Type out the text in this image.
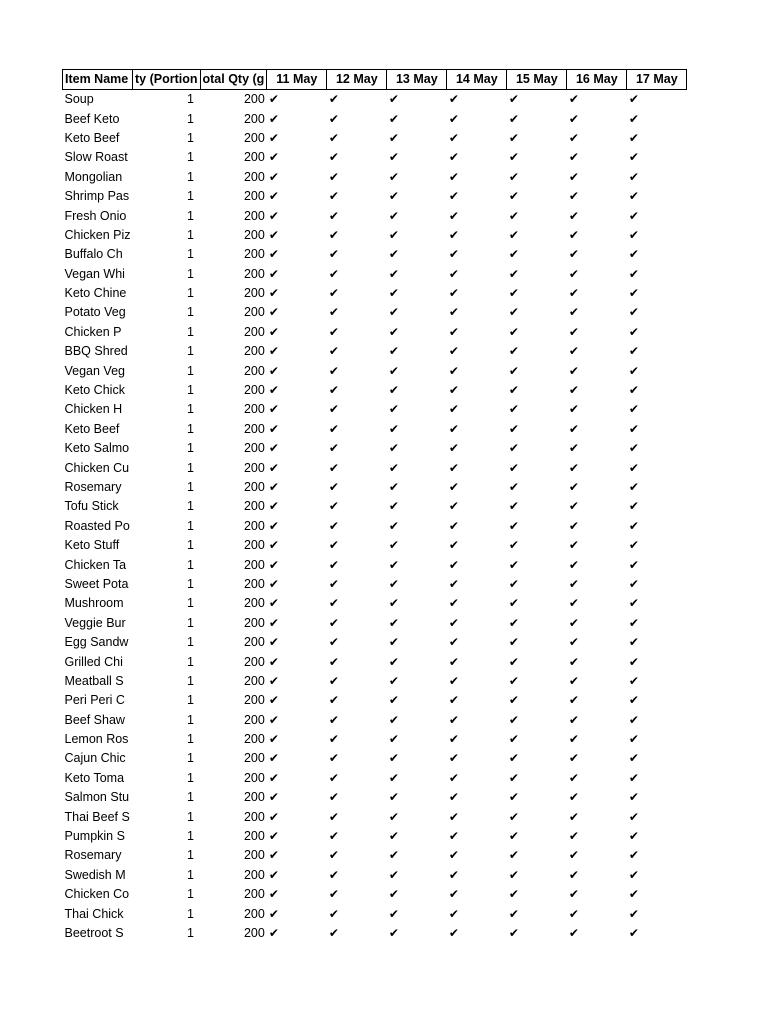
Item Name	ty (Portion	otal Qty (g	11 May	12 May	13 May	14 May	15 May	16 May	17 May
Soup	1	200	✔	✔	✔	✔	✔	✔	✔
Beef Keto	1	200	✔	✔	✔	✔	✔	✔	✔
Keto Beef	1	200	✔	✔	✔	✔	✔	✔	✔
Slow Roast	1	200	✔	✔	✔	✔	✔	✔	✔
Mongolian	1	200	✔	✔	✔	✔	✔	✔	✔
Shrimp Pas	1	200	✔	✔	✔	✔	✔	✔	✔
Fresh Onio	1	200	✔	✔	✔	✔	✔	✔	✔
Chicken Piz	1	200	✔	✔	✔	✔	✔	✔	✔
Buffalo Ch	1	200	✔	✔	✔	✔	✔	✔	✔
Vegan Whi	1	200	✔	✔	✔	✔	✔	✔	✔
Keto Chine	1	200	✔	✔	✔	✔	✔	✔	✔
Potato Veg	1	200	✔	✔	✔	✔	✔	✔	✔
Chicken P	1	200	✔	✔	✔	✔	✔	✔	✔
BBQ Shred	1	200	✔	✔	✔	✔	✔	✔	✔
Vegan Veg	1	200	✔	✔	✔	✔	✔	✔	✔
Keto Chick	1	200	✔	✔	✔	✔	✔	✔	✔
Chicken H	1	200	✔	✔	✔	✔	✔	✔	✔
Keto Beef	1	200	✔	✔	✔	✔	✔	✔	✔
Keto Salmo	1	200	✔	✔	✔	✔	✔	✔	✔
Chicken Cu	1	200	✔	✔	✔	✔	✔	✔	✔
Rosemary	1	200	✔	✔	✔	✔	✔	✔	✔
Tofu Stick	1	200	✔	✔	✔	✔	✔	✔	✔
Roasted Po	1	200	✔	✔	✔	✔	✔	✔	✔
Keto Stuff	1	200	✔	✔	✔	✔	✔	✔	✔
Chicken Ta	1	200	✔	✔	✔	✔	✔	✔	✔
Sweet Pota	1	200	✔	✔	✔	✔	✔	✔	✔
Mushroom	1	200	✔	✔	✔	✔	✔	✔	✔
Veggie Bur	1	200	✔	✔	✔	✔	✔	✔	✔
Egg Sandw	1	200	✔	✔	✔	✔	✔	✔	✔
Grilled Chi	1	200	✔	✔	✔	✔	✔	✔	✔
Meatball S	1	200	✔	✔	✔	✔	✔	✔	✔
Peri Peri C	1	200	✔	✔	✔	✔	✔	✔	✔
Beef Shaw	1	200	✔	✔	✔	✔	✔	✔	✔
Lemon Ros	1	200	✔	✔	✔	✔	✔	✔	✔
Cajun Chic	1	200	✔	✔	✔	✔	✔	✔	✔
Keto Toma	1	200	✔	✔	✔	✔	✔	✔	✔
Salmon Stu	1	200	✔	✔	✔	✔	✔	✔	✔
Thai Beef S	1	200	✔	✔	✔	✔	✔	✔	✔
Pumpkin S	1	200	✔	✔	✔	✔	✔	✔	✔
Rosemary	1	200	✔	✔	✔	✔	✔	✔	✔
Swedish M	1	200	✔	✔	✔	✔	✔	✔	✔
Chicken Co	1	200	✔	✔	✔	✔	✔	✔	✔
Thai Chick	1	200	✔	✔	✔	✔	✔	✔	✔
Beetroot S	1	200	✔	✔	✔	✔	✔	✔	✔
